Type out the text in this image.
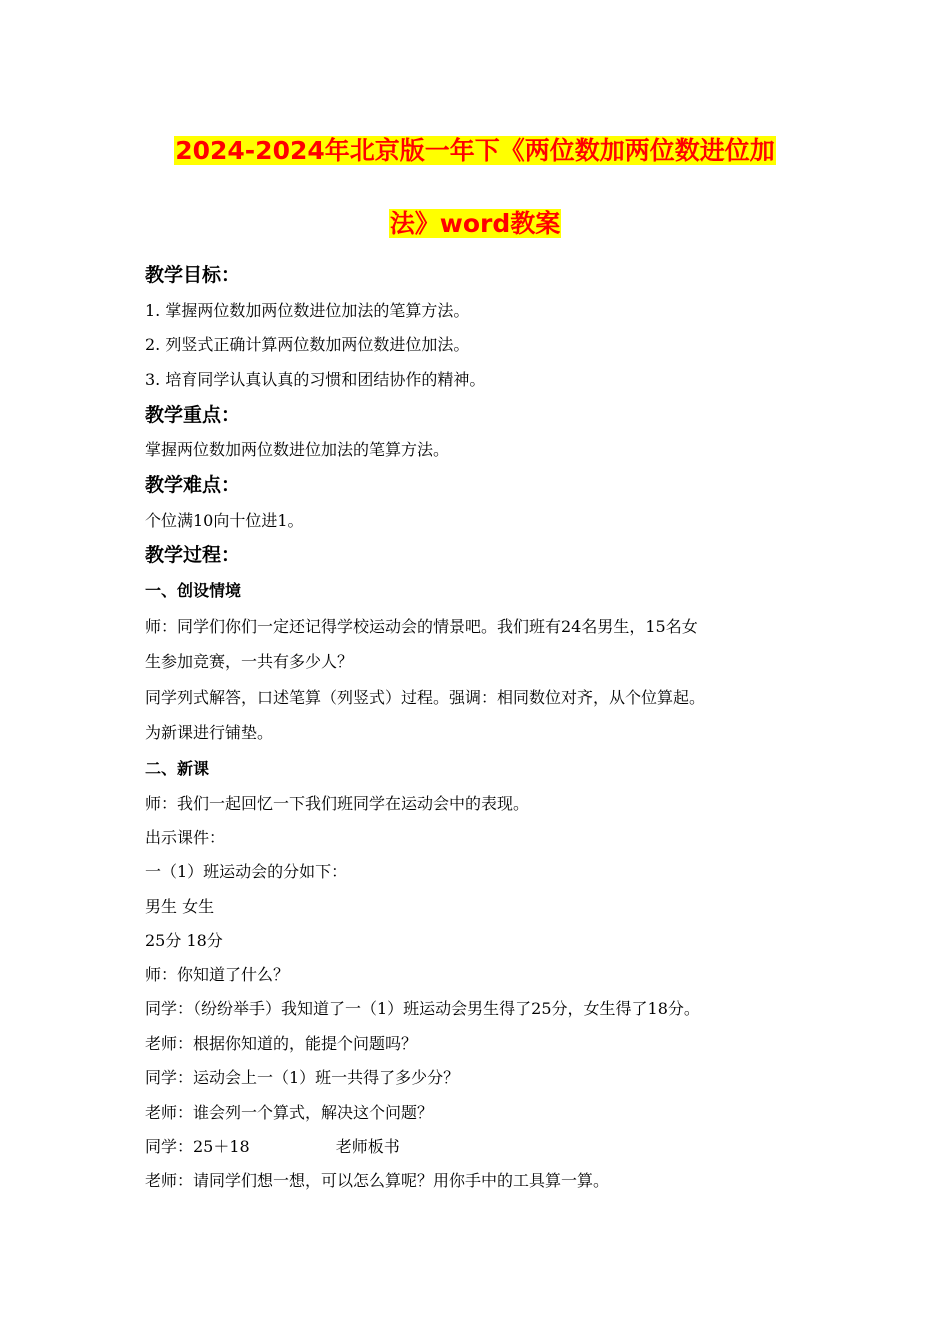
2024-2024年北京版一年下《两位数加两位数进位加
法》word教案
教学目标：
1. 掌握两位数加两位数进位加法的笔算方法。
2. 列竖式正确计算两位数加两位数进位加法。
3. 培育同学认真认真的习惯和团结协作的精神。
教学重点：
掌握两位数加两位数进位加法的笔算方法。
教学难点：
个位满10向十位进1。
教学过程：
一、创设情境
师：同学们你们一定还记得学校运动会的情景吧。我们班有24名男生，15名女
生参加竞赛，一共有多少人？
同学列式解答，口述笔算（列竖式）过程。强调：相同数位对齐，从个位算起。
为新课进行铺垫。
二、新课
师：我们一起回忆一下我们班同学在运动会中的表现。
出示课件：
一（1）班运动会的分如下：
男生 女生
25分 18分
师：你知道了什么？
同学：（纷纷举手）我知道了一（1）班运动会男生得了25分，女生得了18分。
老师：根据你知道的，能提个问题吗？
同学：运动会上一（1）班一共得了多少分？
老师：谁会列一个算式，解决这个问题？
同学：25＋18	老师板书
老师：请同学们想一想，可以怎么算呢？用你手中的工具算一算。
